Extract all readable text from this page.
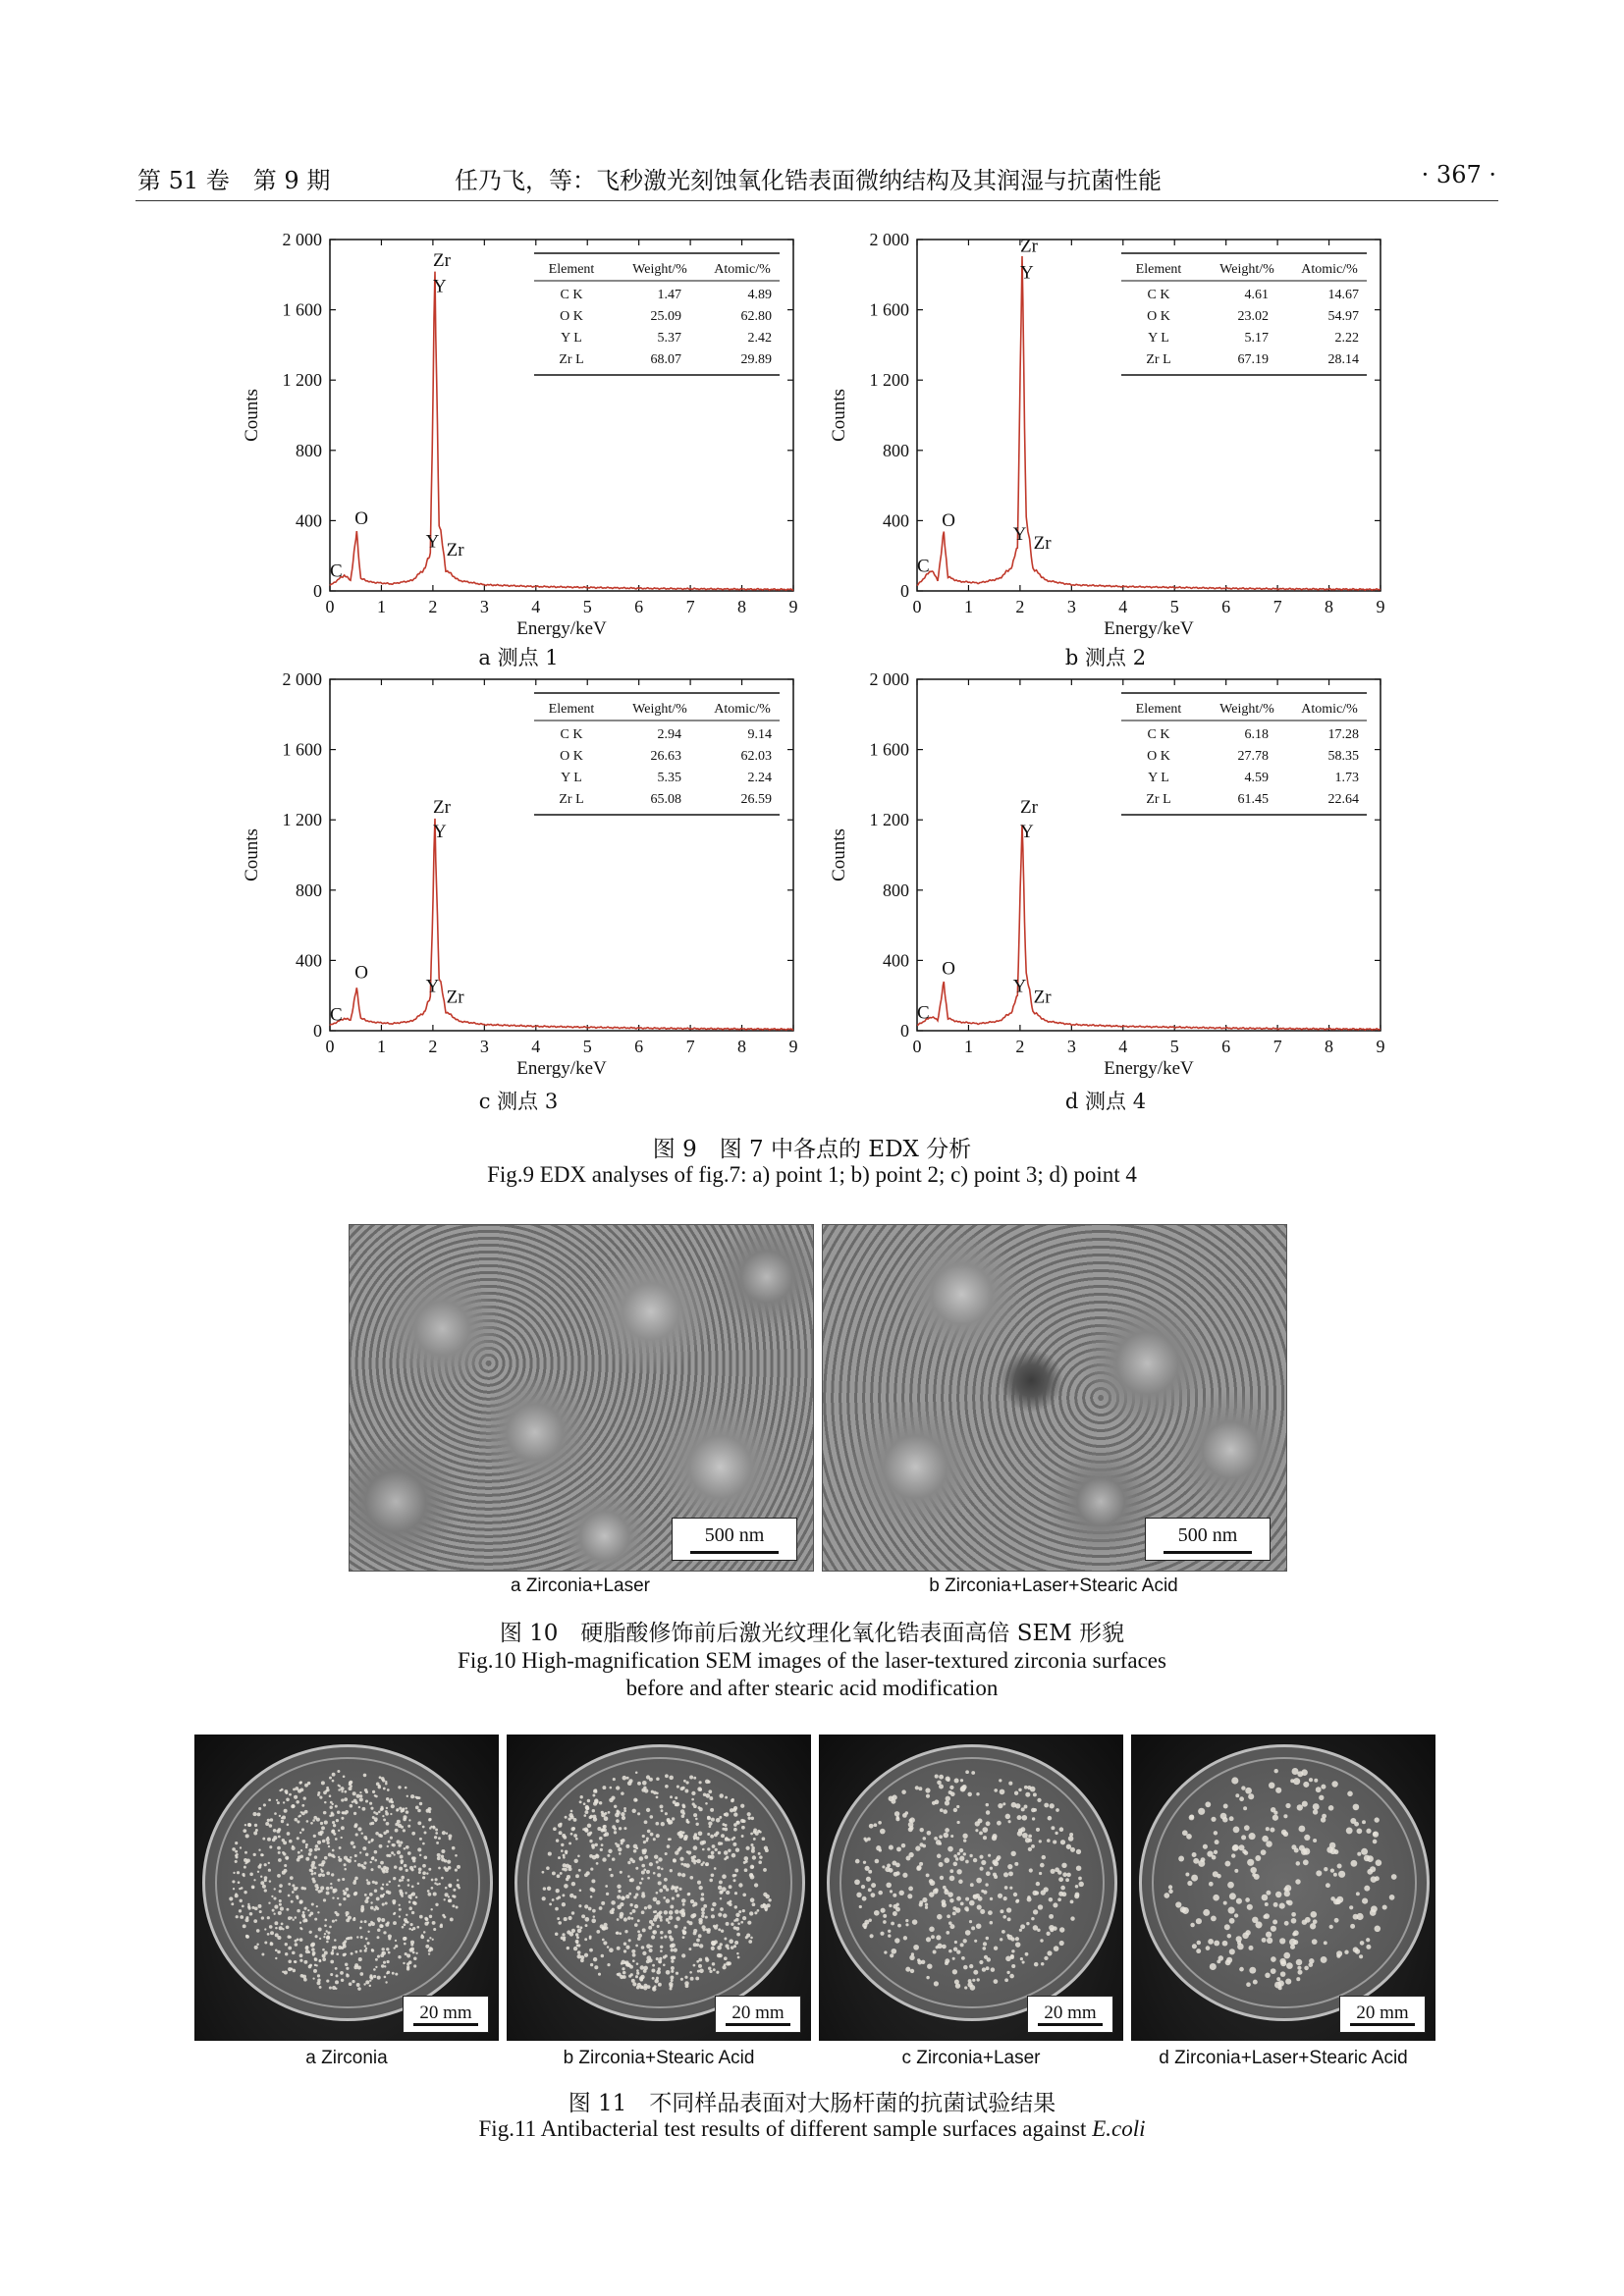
第 51 卷　第 9 期	任乃飞，等：飞秒激光刻蚀氧化锆表面微纳结构及其润湿与抗菌性能	· 367 ·
0 1 2 3 4 5 6 7 8 9
0
400
800
1 200
1 600
2 000
Energy/keV
Counts
Zr
Y
O
C
Y Zr
Element	Weight/% Atomic/%
C K	1.47	4.89
O K	25.09	62.80
Y L	5.37	2.42
Zr L	68.07	29.89
a 测点 1
0 1 2 3 4 5 6 7 8 9
0
400
800
1 200
1 600
2 000
Energy/keV
Counts
Zr
Y
O
C
Y Zr
Element	Weight/% Atomic/%
C K	4.61	14.67
O K	23.02	54.97
Y L	5.17	2.22
Zr L	67.19	28.14
b 测点 2
0 1 2 3 4 5 6 7 8 9
0
400
800
1 200
1 600
2 000
Energy/keV
Counts
Zr
Y
O
C
Y
Zr
Element	Weight/% Atomic/%
C K	2.94	9.14
O K	26.63	62.03
Y L	5.35	2.24
Zr L	65.08	26.59
c 测点 3
0 1 2 3 4 5 6 7 8 9
0
400
800
1 200
1 600
2 000
Energy/keV
Counts
Zr
Y
O
C
Y
Zr
Element	Weight/% Atomic/%
C K	6.18	17.28
O K	27.78	58.35
Y L	4.59	1.73
Zr L	61.45	22.64
d 测点 4
图 9　图 7 中各点的 EDX 分析
Fig.9 EDX analyses of fig.7: a) point 1; b) point 2; c) point 3; d) point 4
500 nm	500 nm
a Zirconia+Laser	b Zirconia+Laser+Stearic Acid
图 10　硬脂酸修饰前后激光纹理化氧化锆表面高倍 SEM 形貌
Fig.10 High-magnification SEM images of the laser-textured zirconia surfaces
before and after stearic acid modification
20 mm	20 mm	20 mm	20 mm
a Zirconia	b Zirconia+Stearic Acid	c Zirconia+Laser	d Zirconia+Laser+Stearic Acid
图 11　不同样品表面对大肠杆菌的抗菌试验结果
Fig.11 Antibacterial test results of different sample surfaces against E.coli
